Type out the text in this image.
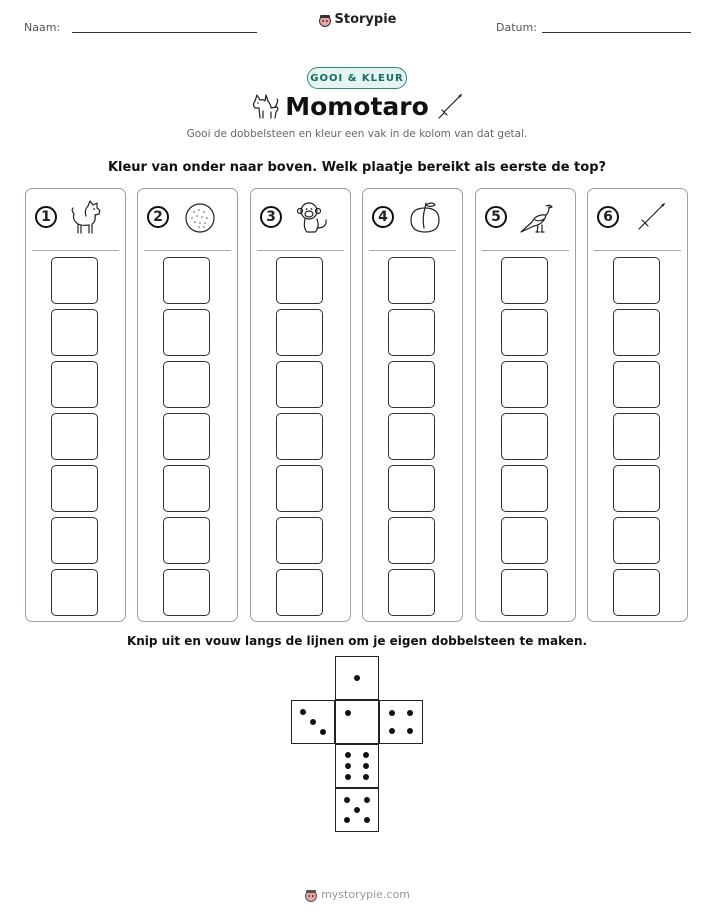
Naam:
Storypie
Datum:
GOOI & KLEUR
Momotaro
Gooi de dobbelsteen en kleur een vak in de kolom van dat getal.
Kleur van onder naar boven. Welk plaatje bereikt als eerste de top?
1	2	3	4	5	6
Knip uit en vouw langs de lijnen om je eigen dobbelsteen te maken.
mystorypie.com
